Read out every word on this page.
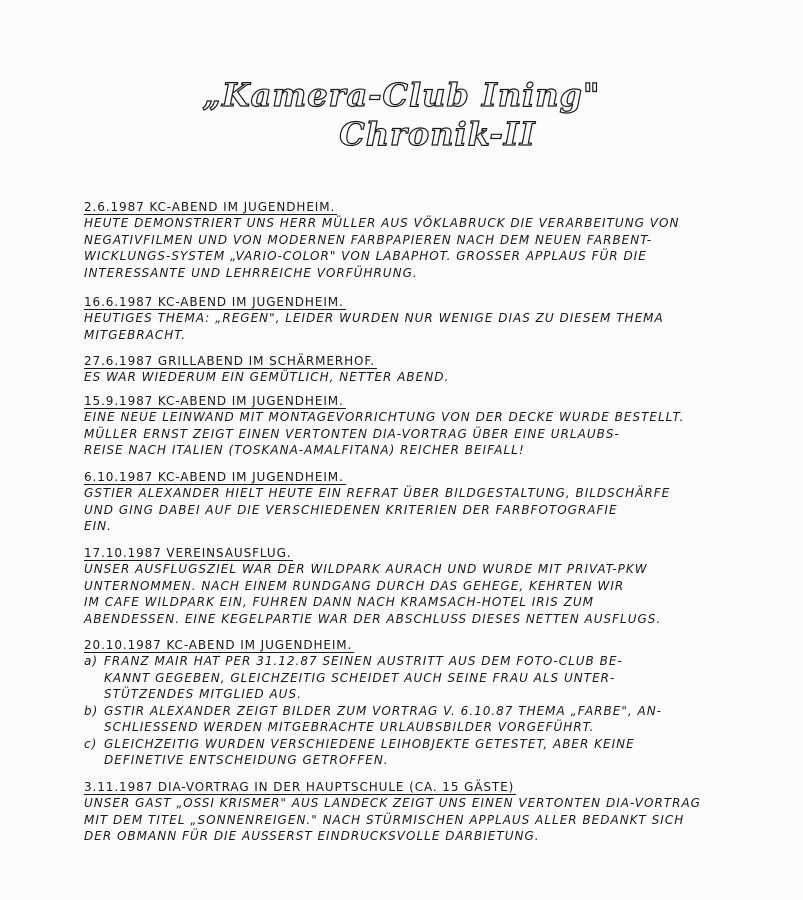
„Kamera-Club Ining"
Chronik-II
2.6.1987 KC-ABEND IM JUGENDHEIM.
HEUTE DEMONSTRIERT UNS HERR MÜLLER AUS VÖKLABRUCK DIE VERARBEITUNG VON
NEGATIVFILMEN UND VON MODERNEN FARBPAPIEREN NACH DEM NEUEN FARBENT-
WICKLUNGS-SYSTEM „VARIO-COLOR" VON LABAPHOT. GROSSER APPLAUS FÜR DIE
INTERESSANTE UND LEHRREICHE VORFÜHRUNG.
16.6.1987 KC-ABEND IM JUGENDHEIM.
HEUTIGES THEMA: „REGEN", LEIDER WURDEN NUR WENIGE DIAS ZU DIESEM THEMA
MITGEBRACHT.
27.6.1987 GRILLABEND IM SCHÄRMERHOF.
ES WAR WIEDERUM EIN GEMÜTLICH, NETTER ABEND.
15.9.1987 KC-ABEND IM JUGENDHEIM.
EINE NEUE LEINWAND MIT MONTAGEVORRICHTUNG VON DER DECKE WURDE BESTELLT.
MÜLLER ERNST ZEIGT EINEN VERTONTEN DIA-VORTRAG ÜBER EINE URLAUBS-
REISE NACH ITALIEN (TOSKANA-AMALFITANA) REICHER BEIFALL!
6.10.1987 KC-ABEND IM JUGENDHEIM.
GSTIER ALEXANDER HIELT HEUTE EIN REFRAT ÜBER BILDGESTALTUNG, BILDSCHÄRFE
UND GING DABEI AUF DIE VERSCHIEDENEN KRITERIEN DER FARBFOTOGRAFIE
EIN.
17.10.1987 VEREINSAUSFLUG.
UNSER AUSFLUGSZIEL WAR DER WILDPARK AURACH UND WURDE MIT PRIVAT-PKW
UNTERNOMMEN. NACH EINEM RUNDGANG DURCH DAS GEHEGE, KEHRTEN WIR
IM CAFE WILDPARK EIN, FUHREN DANN NACH KRAMSACH-HOTEL IRIS ZUM
ABENDESSEN. EINE KEGELPARTIE WAR DER ABSCHLUSS DIESES NETTEN AUSFLUGS.
20.10.1987 KC-ABEND IM JUGENDHEIM.
a) FRANZ MAIR HAT PER 31.12.87 SEINEN AUSTRITT AUS DEM FOTO-CLUB BE-
KANNT GEGEBEN, GLEICHZEITIG SCHEIDET AUCH SEINE FRAU ALS UNTER-
STÜTZENDES MITGLIED AUS.
b) GSTIR ALEXANDER ZEIGT BILDER ZUM VORTRAG V. 6.10.87 THEMA „FARBE", AN-
SCHLIESSEND WERDEN MITGEBRACHTE URLAUBSBILDER VORGEFÜHRT.
c) GLEICHZEITIG WURDEN VERSCHIEDENE LEIHOBJEKTE GETESTET, ABER KEINE
DEFINETIVE ENTSCHEIDUNG GETROFFEN.
3.11.1987 DIA-VORTRAG IN DER HAUPTSCHULE (CA. 15 GÄSTE)
UNSER GAST „OSSI KRISMER" AUS LANDECK ZEIGT UNS EINEN VERTONTEN DIA-VORTRAG
MIT DEM TITEL „SONNENREIGEN." NACH STÜRMISCHEN APPLAUS ALLER BEDANKT SICH
DER OBMANN FÜR DIE AUSSERST EINDRUCKSVOLLE DARBIETUNG.
